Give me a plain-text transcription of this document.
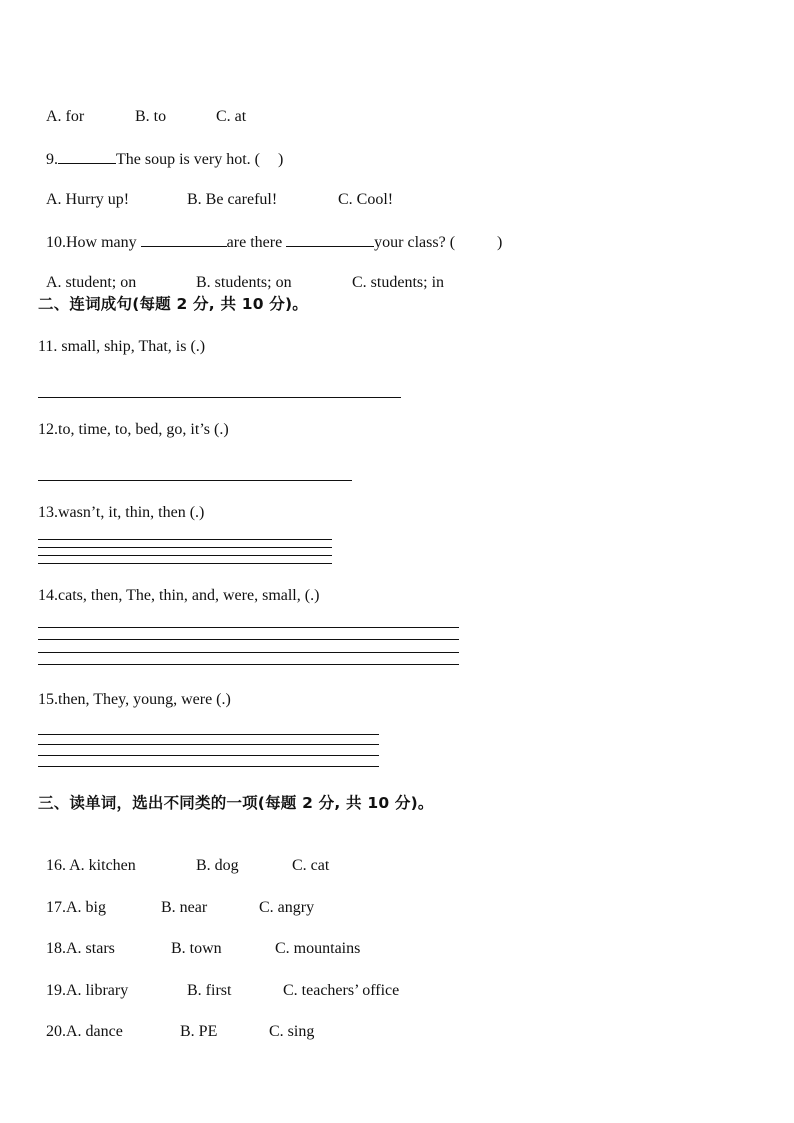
A. for	B. to	C. at

9.	The soup is very hot. ( )

A. Hurry up!	B. Be careful!	C. Cool!

10.How many	are there	your class? (	)

A. student; on	B. students; on	C. students; in

二、连词成句(每题 2 分, 共 10 分)。
11. small, ship, That, is (.)
12.to, time, to, bed, go, it’s (.)
13.wasn’t, it, thin, then (.)
14.cats, then, The, thin, and, were, small, (.)
15.then, They, young, were (.)
三、读单词，选出不同类的一项(每题 2 分, 共 10 分)。

16. A. kitchen	B. dog	C. cat

17.A. big	B. near	C. angry

18.A. stars	B. town	C. mountains

19.A. library	B. first	C. teachers’ office

20.A. dance	B. PE	C. sing
